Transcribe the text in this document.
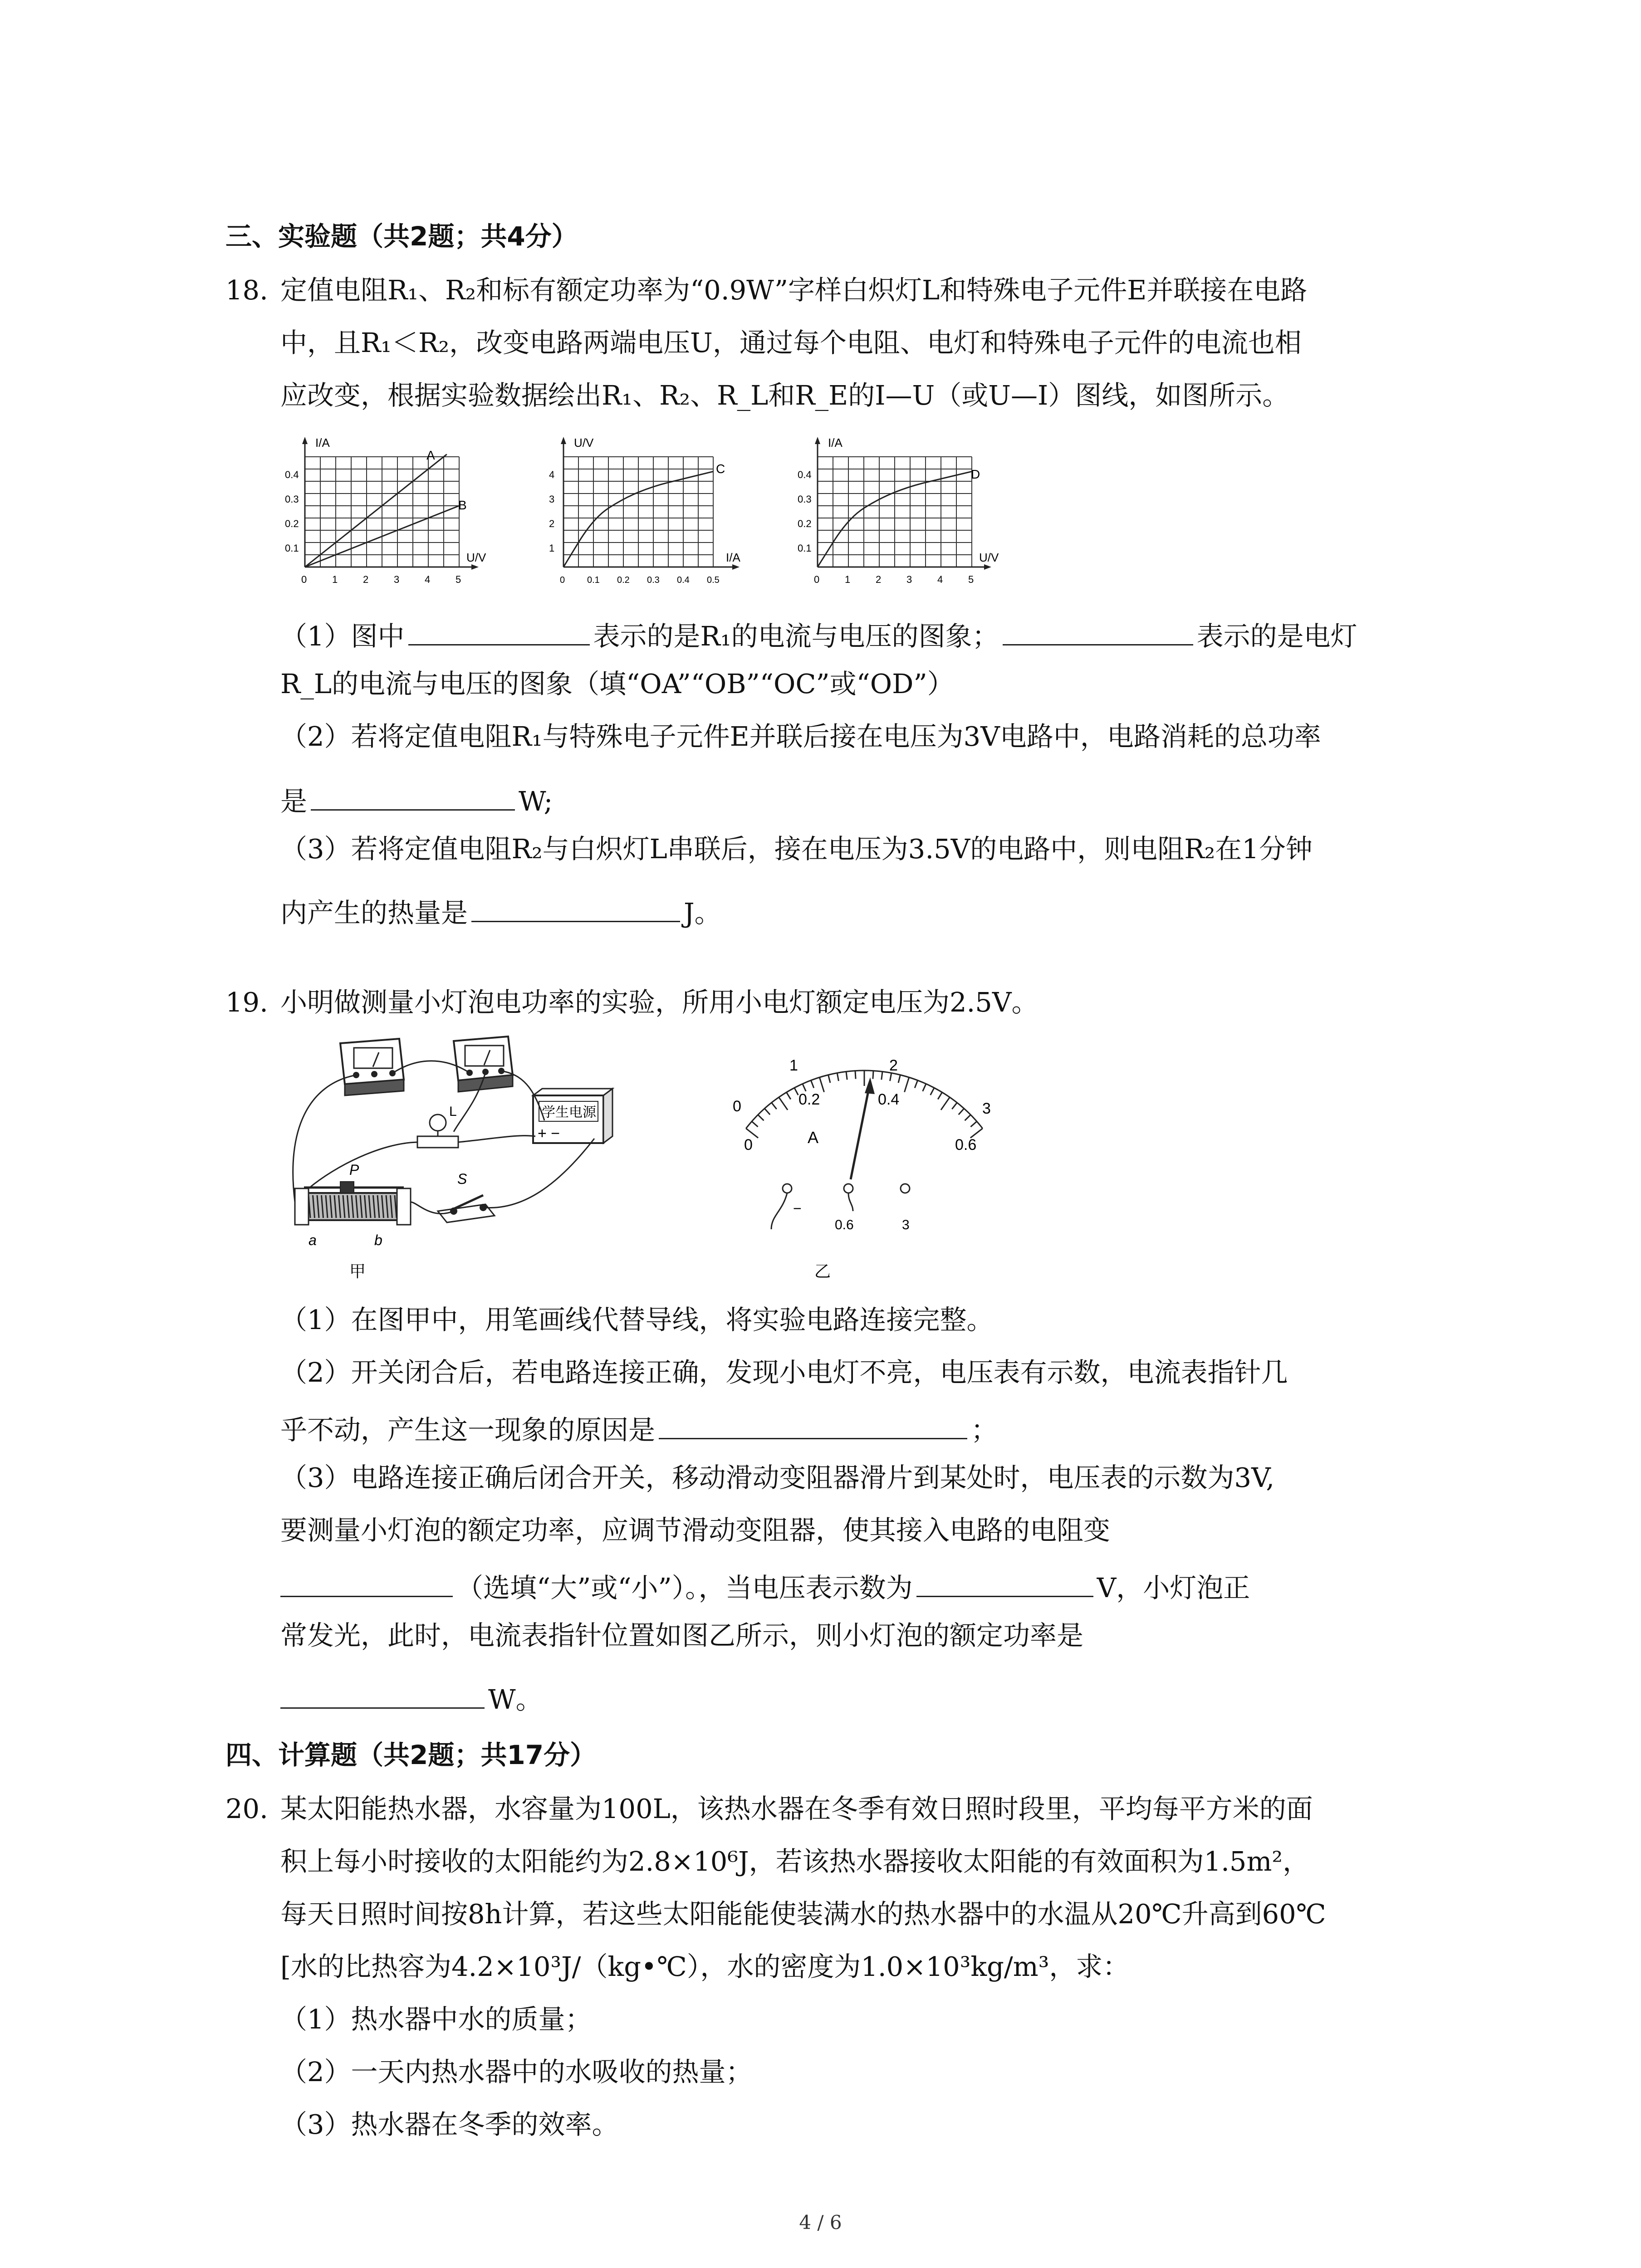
三、实验题（共2题；共4分）
18. 定值电阻R₁、R₂和标有额定功率为“0.9W”字样白炽灯L和特殊电子元件E并联接在电路
中，且R₁＜R₂，改变电路两端电压U，通过每个电阻、电灯和特殊电子元件的电流也相
应改变，根据实验数据绘出R₁、R₂、R_L和R_E的I—U（或U—I）图线，如图所示。
I/A
U/V
0.4
0.3
0.2
0.1
0	1	2	3	4	5
A
B
U/V
I/A
4
3
2
1
0 0.1 0.2 0.3 0.4 0.5
C
I/A
U/V
0.4
0.3
0.2
0.1
0	1	2	3	4	5
D
（1）图中	表示的是R₁的电流与电压的图象；	表示的是电灯
R_L的电流与电压的图象（填“OA”“OB”“OC”或“OD”）
（2）若将定值电阻R₁与特殊电子元件E并联后接在电压为3V电路中，电路消耗的总功率
是	W;
（3）若将定值电阻R₂与白炽灯L串联后，接在电压为3.5V的电路中，则电阻R₂在1分钟
内产生的热量是	J。
19. 小明做测量小灯泡电功率的实验，所用小电灯额定电压为2.5V。
学生电源
+ −
L
P
a	b
S
甲
1	2
3
0
0
0.2	0.4
0.6
A
−
0.6	3
乙
（1）在图甲中，用笔画线代替导线，将实验电路连接完整。
（2）开关闭合后，若电路连接正确，发现小电灯不亮，电压表有示数，电流表指针几
乎不动，产生这一现象的原因是	；
（3）电路连接正确后闭合开关，移动滑动变阻器滑片到某处时，电压表的示数为3V,
要测量小灯泡的额定功率，应调节滑动变阻器，使其接入电路的电阻变
（选填“大”或“小”）。，当电压表示数为	V，小灯泡正
常发光，此时，电流表指针位置如图乙所示，则小灯泡的额定功率是
W。
四、计算题（共2题；共17分）
20. 某太阳能热水器，水容量为100L，该热水器在冬季有效日照时段里，平均每平方米的面
积上每小时接收的太阳能约为2.8×10⁶J，若该热水器接收太阳能的有效面积为1.5m²，
每天日照时间按8h计算，若这些太阳能能使装满水的热水器中的水温从20℃升高到60℃
[水的比热容为4.2×10³J/（kg•℃），水的密度为1.0×10³kg/m³，求：
（1）热水器中水的质量；
（2）一天内热水器中的水吸收的热量；
（3）热水器在冬季的效率。
4 / 6
